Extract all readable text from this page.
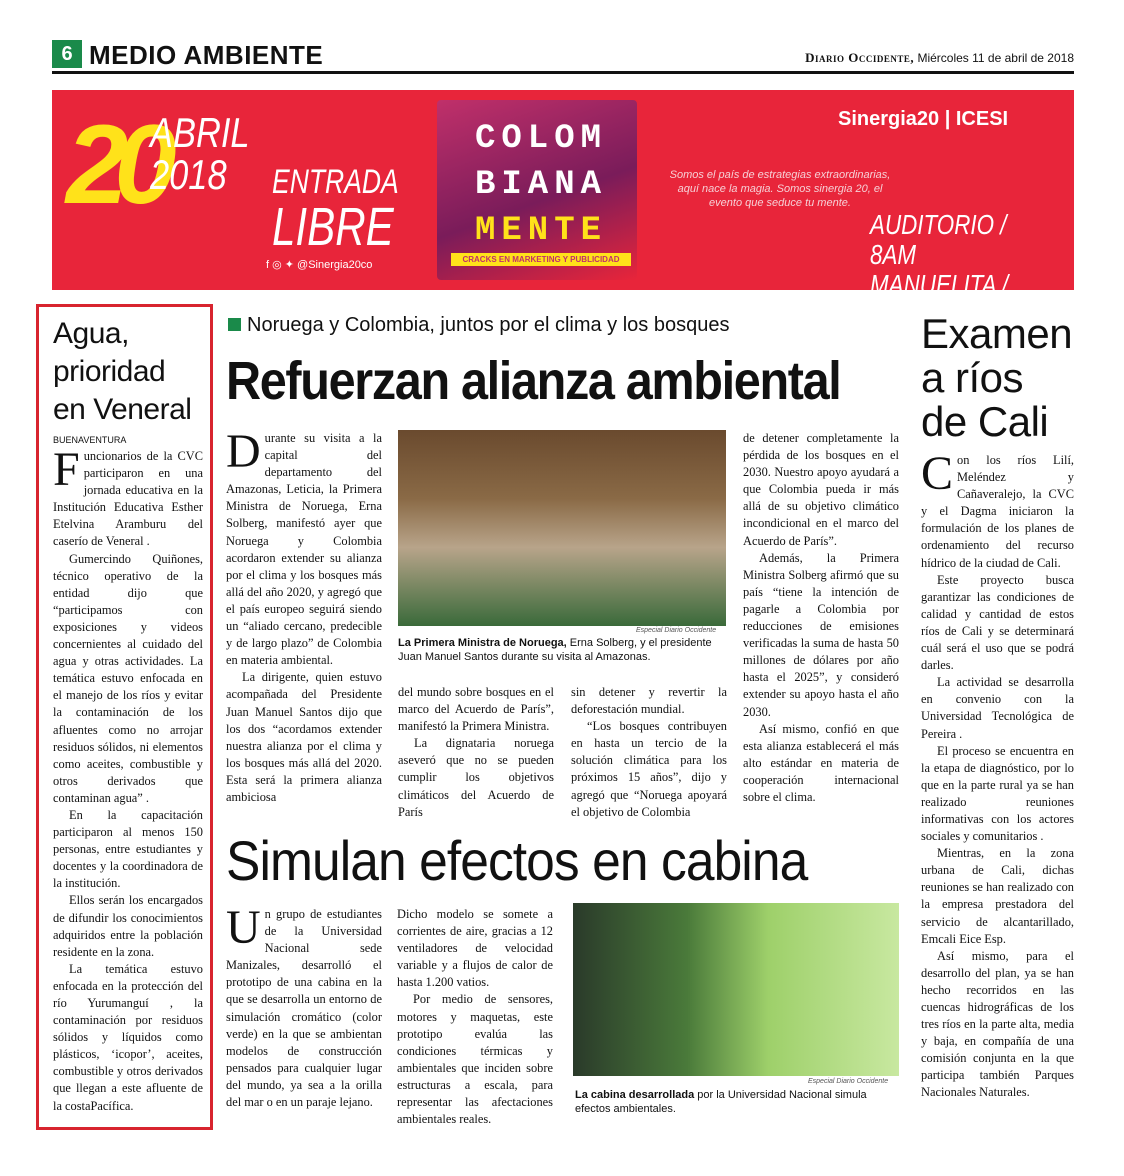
6 MEDIO AMBIENTE	Diario Occidente, Miércoles 11 de abril de 2018
20
ABRIL
2018	ENTRADA
LIBRE
f ◎ ✦ @Sinergia20co
COLOM
BIANA
MENTE
CRACKS EN MARKETING Y PUBLICIDAD
Somos el país de estrategias extraordinarias, aquí nace la magia. Somos sinergia 20, el evento que seduce tu mente.
Sinergia20 | ICESI
AUDITORIO / 8AM
MANUELITA / 6PM
Agua, prioridad en Veneral
BUENAVENTURA

Funcionarios de la CVC participaron en una jornada educativa en la Institución Educativa Esther Etelvina Aramburu del caserío de Veneral .

Gumercindo Quiñones, técnico operativo de la entidad dijo que “participamos con exposiciones y videos concernientes al cuidado del agua y otras actividades. La temática estuvo enfocada en el manejo de los ríos y evitar la contaminación de los afluentes como no arrojar residuos sólidos, ni elementos como aceites, combustible y otros derivados que contaminan agua” .

En la capacitación participaron al menos 150 personas, entre estudiantes y docentes y la coordinadora de la institución.

Ellos serán los encargados de difundir los conocimientos adquiridos entre la población residente en la zona.

La temática estuvo enfocada en la protección del río Yurumanguí , la contaminación por residuos sólidos y líquidos como plásticos, ‘icopor’, aceites, combustible y otros derivados que llegan a este afluente de la costaPacífica.

Noruega y Colombia, juntos por el clima y los bosques
Refuerzan alianza ambiental

Durante su visita a la capital del departamento del Amazonas, Leticia, la Primera Ministra de Noruega, Erna Solberg, manifestó ayer que Noruega y Colombia acordaron extender su alianza por el clima y los bosques más allá del año 2020, y agregó que el país europeo seguirá siendo un “aliado cercano, predecible y de largo plazo” de Colombia en materia ambiental.

La dirigente, quien estuvo acompañada del Presidente Juan Manuel Santos dijo que los dos “acordamos extender nuestra alianza por el clima y los bosques más allá del 2020. Esta será la primera alianza ambiciosa

Especial Diario Occidente
La Primera Ministra de Noruega, Erna Solberg, y el presidente Juan Manuel Santos durante su visita al Amazonas.

del mundo sobre bosques en el marco del Acuerdo de París”, manifestó la Primera Ministra.

La dignataria noruega aseveró que no se pueden cumplir los objetivos climáticos del Acuerdo de París

sin detener y revertir la deforestación mundial.

“Los bosques contribuyen en hasta un tercio de la solución climática para los próximos 15 años”, dijo y agregó que “Noruega apoyará el objetivo de Colombia

de detener completamente la pérdida de los bosques en el 2030. Nuestro apoyo ayudará a que Colombia pueda ir más allá de su objetivo climático incondicional en el marco del Acuerdo de París”.

Además, la Primera Ministra Solberg afirmó que su país “tiene la intención de pagarle a Colombia por reducciones de emisiones verificadas la suma de hasta 50 millones de dólares por año hasta el 2025”, y consideró extender su apoyo hasta el año 2030.

Así mismo, confió en que esta alianza establecerá el más alto estándar en materia de cooperación internacional sobre el clima.

Simulan efectos en cabina

Un grupo de estudiantes de la Universidad Nacional sede Manizales, desarrolló el prototipo de una cabina en la que se desarrolla un entorno de simulación cromático (color verde) en la que se ambientan modelos de construcción pensados para cualquier lugar del mundo, ya sea a la orilla del mar o en un paraje lejano.

Dicho modelo se somete a corrientes de aire, gracias a 12 ventiladores de velocidad variable y a flujos de calor de hasta 1.200 vatios.

Por medio de sensores, motores y maquetas, este prototipo evalúa las condiciones térmicas y ambientales que inciden sobre estructuras a escala, para representar las afectaciones ambientales reales.

Especial Diario Occidente
La cabina desarrollada por la Universidad Nacional simula efectos ambientales.
Examen a ríos de Cali

Con los ríos Lilí, Meléndez y Cañaveralejo, la CVC y el Dagma iniciaron la formulación de los planes de ordenamiento del recurso hídrico de la ciudad de Cali.

Este proyecto busca garantizar las condiciones de calidad y cantidad de estos ríos de Cali y se determinará cuál será el uso que se podrá darles.

La actividad se desarrolla en convenio con la Universidad Tecnológica de Pereira .

El proceso se encuentra en la etapa de diagnóstico, por lo que en la parte rural ya se han realizado reuniones informativas con los actores sociales y comunitarios .

Mientras, en la zona urbana de Cali, dichas reuniones se han realizado con la empresa prestadora del servicio de alcantarillado, Emcali Eice Esp.

Así mismo, para el desarrollo del plan, ya se han hecho recorridos en las cuencas hidrográficas de los tres ríos en la parte alta, media y baja, en compañía de una comisión conjunta en la que participa también Parques Nacionales Naturales.
